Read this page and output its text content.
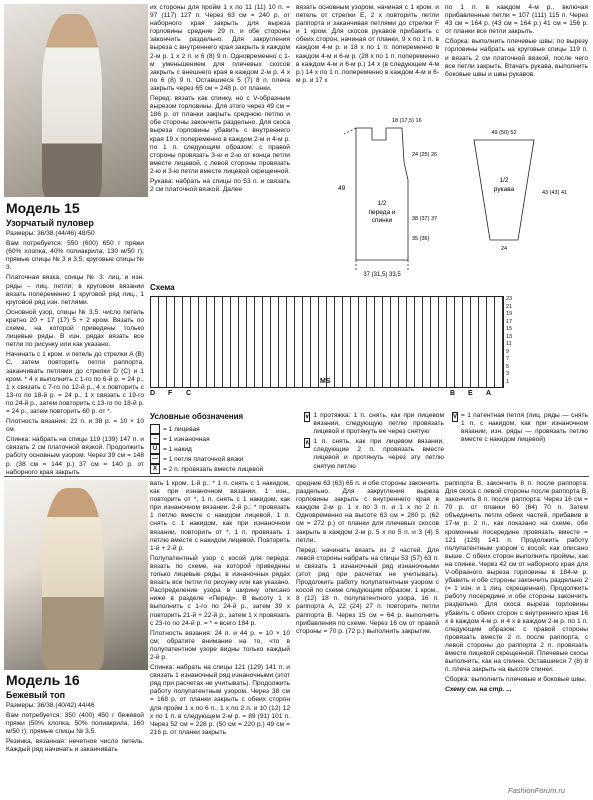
Модель 15
Узорчатый пуловер

Размеры: 36/38 (44/46) 48/50

Вам потребуется: 550 (600) 650 г пряжи (60% хлопка, 40% полиакрила, 130 м/50 г); прямые спицы № 3 и 3,5; круговые спицы № 3.

Платочная вязка, спицы № 3: лиц. и изн. ряды – лиц. петли; в круговом вязании вязать попеременно 1 круговой ряд лиц., 1 круговой ряд изн. петлями.

Основной узор, спицы № 3,5: число петель кратно 20 + 17 (17) 5 + 2 кром. Вязать по схеме, на которой приведены только лицевые ряды. В изн. рядах вязать все петли по рисунку или как указано.

Начинать с 1 кром. и петель до стрелки A (B) C, затем повторить петли раппорта, заканчивать петлями до стрелки D (C) и 1 кром. * 4 х выполнить с 1-го по 6-й р. = 24 р., 1 х связать с 7-го по 12-й р., 4 х повторить с 13-го по 18-й р. = 24 р., 1 х связать с 19-го по 24-й р., затем повторить с 13-го по 18-й р. = 24 р., затем повторить 60 р. от *.

Плотность вязания: 22 п. и 38 р. = 10 × 10 см.

Спинка: набрать на спицы 119 (139) 147 п. и связать 2 см платочной вязкой. Продолжить работу основным узором. Через 39 см = 148 р. (38 см = 144 р.) 37 см = 140 р. от наборного края закрыть

их стороны для пройм 1 х по 11 (11) 10 п. = 97 (117) 127 п. Через 63 см = 240 р. от наборного края закрыть для выреза горловины средние 29 п. и обе стороны закончить раздельно. Для закругления выреза с внутреннего края закрыть в каждом 2-м р. 1 х 2 п. и 6 (8) 9 п. Одновременно с 1-м уменьшением для плечевых скосов закрыть с внешнего края в каждом 2-м р. 4 х по 6 (8) 9 п. Оставшиеся 5 (7) 8 п. плеча закрыть через 65 см = 248 р. от планки.

Перед: вязать как спинку, но с V-образным вырезом горловины. Для этого через 49 см = 186 р. от планки закрыть среднюю петлю и обе стороны закончить раздельно. Для скоса выреза горловины убавить с внутреннего края 19 х попеременно в каждом 2-м и 4-м р. по 1 п. следующим образом: с правой стороны провязать 3-ю и 2-ю от конца петли вместе лицевой, с левой стороны провязать 2-ю и 3-ю петли вместе лицевой скрещенной.

Рукава: набрать на спицы по 53 п. и связать 2 см платочной вязкой. Далее

вязать основным узором, начиная с 1 кром. и петель от стрелки E, 2 х повторить петли раппорта и заканчивая петлями до стрелки F и 1 кром. Для скосов рукавов прибавить с обеих сторон, начиная от планки, 9 х по 1 п. в каждом 4-м р. и 18 х по 1 п. попеременно в каждом 4-м и 6-м р. (28 х по 1 п. попеременно в каждом 4-м и 6-м р.) 14 х (в следующем 4-м р.) 14 х по 1 п. попеременно в каждом 4-м и 6-м р. и 17 х

по 1 п. в каждом 4-м р., включая прибавленные петли = 107 (111) 115 п. Через 43 см = 164 р. (43 см = 164 р.) 41 см = 156 р. от планки все петли закрыть.

Сборка: выполнить плечевые швы; по вырезу горловины набрать на круговые спицы 119 п. и вязать 2 см платочной вязкой, после чего все петли закрыть. Втачать рукава, выполнить боковые швы и швы рукавов.

1/2
переда и
спинки
49
37 (31,5) 33,5
18 (17,5) 16
24 (25) 26
38 (37) 37
35 (36)
1/2
рукава
49 (50) 52
43 (43) 41
24
Схема
23
21
19
17
15
13
11
9
7
5
3
1
D F C	B E A
MS
Условные обозначения
= 1 лицевая
– = 1 изнаночная
U = 1 накид
— = 1 петля платочной вязки
X = 2 п. провязать вместе лицевой

∨ 1 протяжка: 1 п. снять, как при лицевом вязании, следующую петлю провязать лицевой и протянуть ее через снятую

∧ 1 п. снять, как при лицевом вязании, следующие 2 п. провязать вместе лицевой и протянуть через эту петлю снятую петлю

V = 1 патентная петля (лиц. ряды — снять 1 п. с накидом, как при изнаночном вязании, изн. ряды — провязать петлю вместе с накидом лицевой)

Модель 16
Бежевый топ

Размеры: 36/38 (40/42) 44/46

Вам потребуется: 350 (400) 450 г бежевой пряжи (50% хлопка, 50% полиакрила, 160 м/50 г); прямые спицы № 3,5.

Резинка, вязанная: нечетное число петель. Каждый ряд начинать и заканчивать

вать 1 кром. 1-й р.: * 1 п. снять с 1 накидом, как при изнаночном вязании, 1 изн., повторить от *, 1 п. снять с 1 накидом, как при изнаночном вязании. 2-й р.: * провязать 1 петлю вместе с накидом лицевой, 1 п. снять с 1 накидом, как при изнаночном вязании, повторить от *, 1 п. провязать 1 петлю вместе с накидом лицевой. Повторить 1-й + 2-й р.

Полупатентный узор с косой для переда: вязать по схеме, на которой приведены только лицевые ряды, в изнаночных рядах вязать все петли по рисунку или как указано. Распределение узора в ширину описано ниже в разделе «Перед». В высоту 1 х выполнить с 1-го по 24-й р., затем 39 х повторить 21-й + 22-й р., затем 1 х провязать с 23-го по 24-й р. = * = всего 184 р.

Плотность вязания: 24 п. и 44 р. = 10 × 10 см; обратите внимание на то, что в полупатентном узоре видны только каждый 2-й р.

Спинка: набрать на спицы 121 (129) 141 п. и связать 1 изнаночный ряд изнаночными (этот ряд при расчетах не учитывать). Продолжить работу полупатентным узором. Через 38 см = 168 р. от планки закрыть с обеих сторон для пройм 1 х по 6 п., 1 х по 2 п. и 10 (12) 12 х по 1 п. в следующем 2-м р. = 89 (91) 101 п. Через 52 см = 228 р. (50 см = 220 р.) 49 см = 216 р. от планки закрыть

средние 63 (63) 65 п. и обе стороны закончить раздельно. Для закругления выреза горловины закрыть с внутреннего края в каждом 2-м р. 1 х по 3 п. и 1 х по 2 п. Одновременно на высоте 63 см = 280 р. (62 см = 272 р.) от планки для плечевых скосов закрыть в каждом 2-м р. 5 х по 5 п. и 3 (4) 5 петли.

Перед: начинать вязать из 2 частей. Для левой стороны набрать на спицы 53 (57) 63 п. и связать 1 изнаночный ряд изнаночными (этот ряд при расчетах не учитывать). Продолжить работу полупатентным узором с косой по схеме следующим образом: 1 кром., 8 (12) 18 п. полупатентного узора, 16 п. раппорта A, 22 (24) 27 п. повторить петли раппорта B. Через 15 см = 64 р. выполнить прибавления по схеме. Через 16 см от правой стороны = 70 р. (72 р.) выполнить закрытие.

раппорта B, закончить 8 п. после раппорта. Для скоса с левой стороны после раппорта B, закончить 8 п. после раппорта. Через 16 см = 70 р. от планки 60 (64) 70 п. Затем объединить петли обеих частей, прибавив в 17-м р. 2 п., как показано на схеме, обе кромочные посередине провязать вместе = 121 (129) 141 п. Продолжить работу полупатентным узором с косой, как описано выше. С обеих сторон выполнить проймы, как на спинке. Через 42 см от наборного края для V-образного выреза горловины в 184-м р. убавить и обе стороны закончить раздельно 2 (= 1 изн. и 1 лиц. скрещенная). Продолжить работу посередине и обе стороны закончить раздельно. Для скоса выреза горловины убавить с обеих сторон с внутреннего края 16 х в каждом 4-м р. и 4 х в каждом 2-м р. по 1 п. следующим образом: с правой стороны провязать вместе 2 п. после раппорта, с левой стороны до раппорта 2 п. провязать вместе лицевой скрещенной. Плечевые скосы выполнить, как на спинке. Оставшиеся 7 (8) 8 п. плеча закрыть на высоте спинки.

Сборка: выполнить плечевые и боковые швы.

Схему см. на стр. ...

FashionForum.ru
